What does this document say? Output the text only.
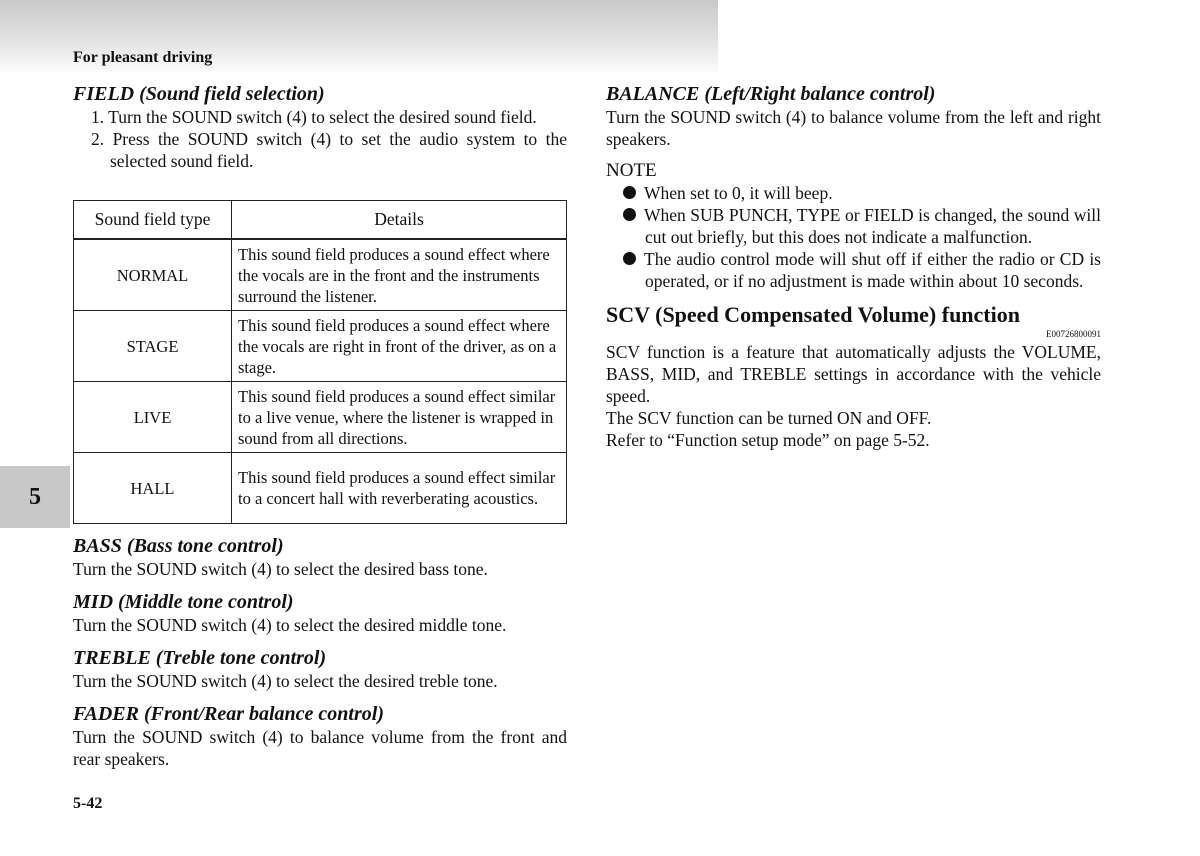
For pleasant driving
5
5-42
FIELD (Sound field selection)
1. Turn the SOUND switch (4) to select the desired sound field.
2. Press the SOUND switch (4) to set the audio system to the selected sound field.
Sound field type	Details
NORMAL	This sound field produces a sound effect where the vocals are in the front and the instruments surround the listener.
STAGE	This sound field produces a sound effect where the vocals are right in front of the driver, as on a stage.
LIVE	This sound field produces a sound effect similar to a live venue, where the listener is wrapped in sound from all directions.
HALL	This sound field produces a sound effect similar to a concert hall with reverberating acoustics.
BASS (Bass tone control)

Turn the SOUND switch (4) to select the desired bass tone.

MID (Middle tone control)

Turn the SOUND switch (4) to select the desired middle tone.

TREBLE (Treble tone control)

Turn the SOUND switch (4) to select the desired treble tone.

FADER (Front/Rear balance control)

Turn the SOUND switch (4) to balance volume from the front and rear speakers.

BALANCE (Left/Right balance control)

Turn the SOUND switch (4) to balance volume from the left and right speakers.

NOTE
When set to 0, it will beep.
When SUB PUNCH, TYPE or FIELD is changed, the sound will cut out briefly, but this does not indicate a malfunction.
The audio control mode will shut off if either the radio or CD is operated, or if no adjustment is made within about 10 seconds.
SCV (Speed Compensated Volume) function
E00726800091

SCV function is a feature that automatically adjusts the VOLUME, BASS, MID, and TREBLE settings in accordance with the vehicle speed.

The SCV function can be turned ON and OFF.

Refer to “Function setup mode” on page 5-52.
